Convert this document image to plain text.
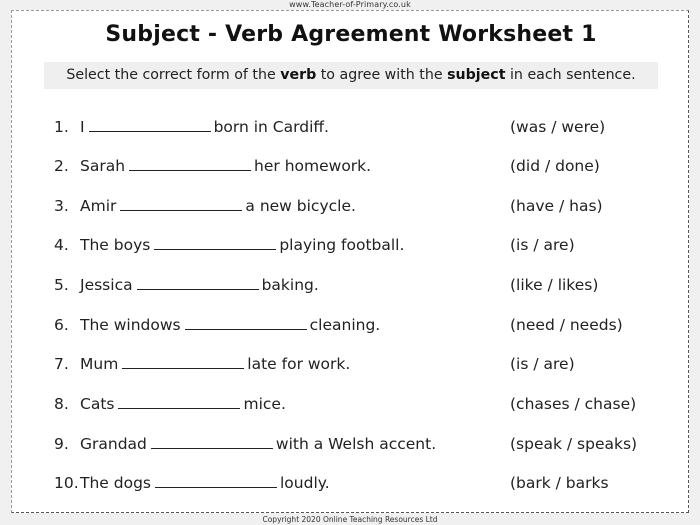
www.Teacher-of-Primary.co.uk
Subject - Verb Agreement Worksheet 1
Select the correct form of the verb to agree with the subject in each sentence.
1. I	born in Cardiff.	(was / were)
2. Sarah	her homework.	(did / done)
3. Amir	a new bicycle.	(have / has)
4. The boys	playing football.	(is / are)
5. Jessica	baking.	(like / likes)
6. The windows	cleaning.	(need / needs)
7. Mum	late for work.	(is / are)
8. Cats	mice.	(chases / chase)
9. Grandad	with a Welsh accent.	(speak / speaks)
10. The dogs	loudly.	(bark / barks
Copyright 2020 Online Teaching Resources Ltd
